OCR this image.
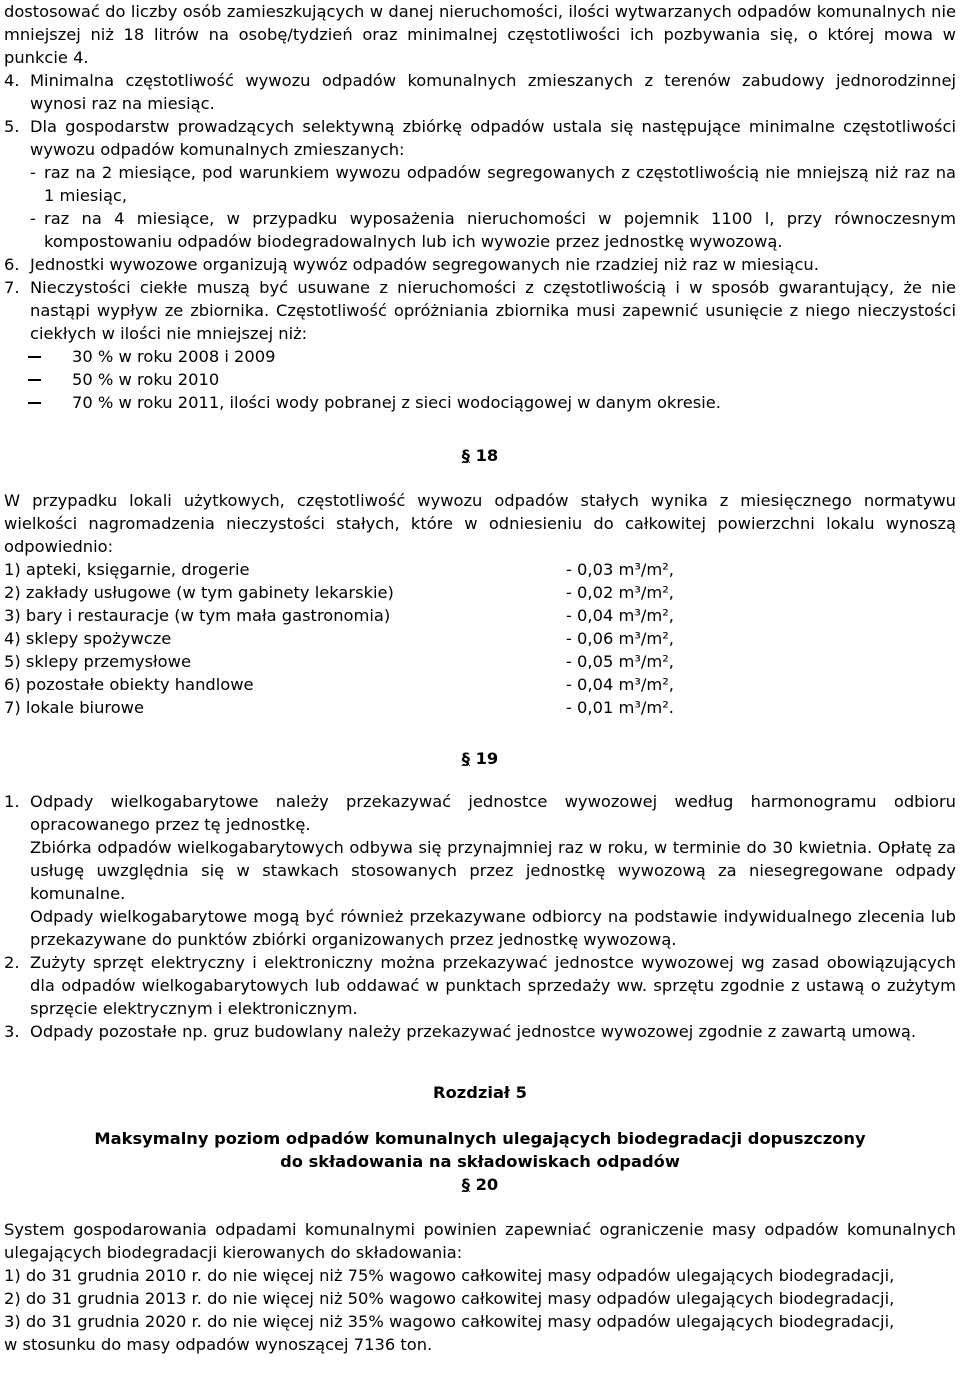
dostosować do liczby osób zamieszkujących w danej nieruchomości, ilości wytwarzanych odpadów komunalnych nie mniejszej niż 18 litrów na osobę/tydzień oraz minimalnej częstotliwości ich pozbywania się, o której mowa w punkcie 4.

4. Minimalna częstotliwość wywozu odpadów komunalnych zmieszanych z terenów zabudowy jednorodzinnej wynosi raz na miesiąc.
5. Dla gospodarstw prowadzących selektywną zbiórkę odpadów ustala się następujące minimalne częstotliwości wywozu odpadów komunalnych zmieszanych:
- raz na 2 miesiące, pod warunkiem wywozu odpadów segregowanych z częstotliwością nie mniejszą niż raz na 1 miesiąc,
- raz na 4 miesiące, w przypadku wyposażenia nieruchomości w pojemnik 1100 l, przy równoczesnym kompostowaniu odpadów biodegradowalnych lub ich wywozie przez jednostkę wywozową.
6. Jednostki wywozowe organizują wywóz odpadów segregowanych nie rzadziej niż raz w miesiącu.
7. Nieczystości ciekłe muszą być usuwane z nieruchomości z częstotliwością i w sposób gwarantujący, że nie nastąpi wypływ ze zbiornika. Częstotliwość opróżniania zbiornika musi zapewnić usunięcie z niego nieczystości ciekłych w ilości nie mniejszej niż:
30 % w roku 2008 i 2009
50 % w roku 2010
70 % w roku 2011, ilości wody pobranej z sieci wodociągowej w danym okresie.
§ 18

W przypadku lokali użytkowych, częstotliwość wywozu odpadów stałych wynika z miesięcznego normatywu wielkości nagromadzenia nieczystości stałych, które w odniesieniu do całkowitej powierzchni lokalu wynoszą odpowiednio:

1) apteki, księgarnie, drogerie	- 0,03 m³/m²,
2) zakłady usługowe (w tym gabinety lekarskie)	- 0,02 m³/m²,
3) bary i restauracje (w tym mała gastronomia)	- 0,04 m³/m²,
4) sklepy spożywcze	- 0,06 m³/m²,
5) sklepy przemysłowe	- 0,05 m³/m²,
6) pozostałe obiekty handlowe	- 0,04 m³/m²,
7) lokale biurowe	- 0,01 m³/m².
§ 19
1. Odpady wielkogabarytowe należy przekazywać jednostce wywozowej według harmonogramu odbioru opracowanego przez tę jednostkę.
Zbiórka odpadów wielkogabarytowych odbywa się przynajmniej raz w roku, w terminie do 30 kwietnia. Opłatę za usługę uwzględnia się w stawkach stosowanych przez jednostkę wywozową za niesegregowane odpady komunalne.
Odpady wielkogabarytowe mogą być również przekazywane odbiorcy na podstawie indywidualnego zlecenia lub przekazywane do punktów zbiórki organizowanych przez jednostkę wywozową.
2. Zużyty sprzęt elektryczny i elektroniczny można przekazywać jednostce wywozowej wg zasad obowiązujących dla odpadów wielkogabarytowych lub oddawać w punktach sprzedaży ww. sprzętu zgodnie z ustawą o zużytym sprzęcie elektrycznym i elektronicznym.
3. Odpady pozostałe np. gruz budowlany należy przekazywać jednostce wywozowej zgodnie z zawartą umową.
Rozdział 5
Maksymalny poziom odpadów komunalnych ulegających biodegradacji dopuszczony
do składowania na składowiskach odpadów
§ 20

System gospodarowania odpadami komunalnymi powinien zapewniać ograniczenie masy odpadów komunalnych ulegających biodegradacji kierowanych do składowania:

1) do 31 grudnia 2010 r. do nie więcej niż 75% wagowo całkowitej masy odpadów ulegających biodegradacji,
2) do 31 grudnia 2013 r. do nie więcej niż 50% wagowo całkowitej masy odpadów ulegających biodegradacji,
3) do 31 grudnia 2020 r. do nie więcej niż 35% wagowo całkowitej masy odpadów ulegających biodegradacji,
w stosunku do masy odpadów wynoszącej 7136 ton.
